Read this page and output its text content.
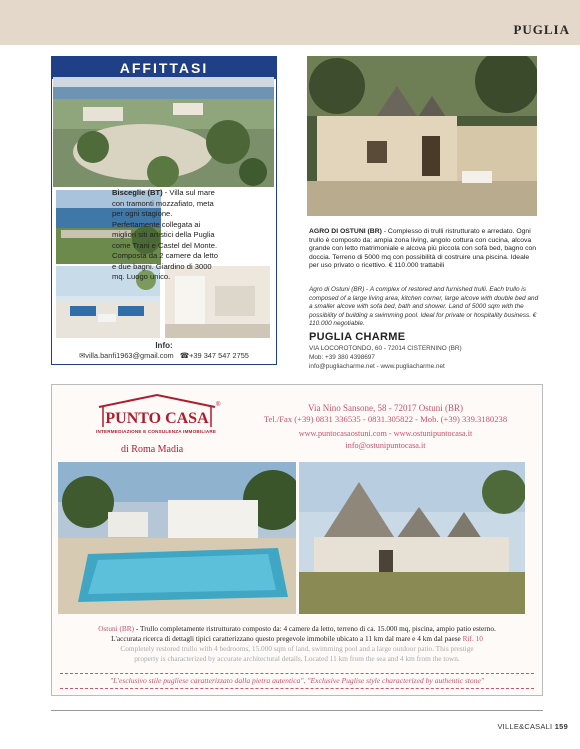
PUGLIA
AFFITTASI
Bisceglie (BT) - Villa sul mare con tramonti mozzafiato, meta per ogni stagione. Perfettamente collegata ai migliori siti artistici della Puglia come Trani e Castel del Monte. Composta da 2 camere da letto e due bagni. Giardino di 3000 mq. Luogo unico.
Info:
✉villa.banfi1963@gmail.com ☎+39 347 547 2755
AGRO DI OSTUNI (BR) - Complesso di trulli ristrutturato e arredato. Ogni trullo è composto da: ampia zona living, angolo cottura con cucina, alcova grande con letto matrimoniale e alcova più piccola con sofà bed, bagno con doccia. Terreno di 5000 mq con possibilità di costruire una piscina. Ideale per uso privato o ricettivo. € 110.000 trattabili
Agro di Ostuni (BR) - A complex of restored and furnished trulli. Each trullo is composed of a large living area, kitchen corner, large alcove with double bed and a smaller alcove with sofa bed, bath and shower. Land of 5000 sqm with the possibility of building a swimming pool. Ideal for private or hospitality business. € 110.000 negotiable.
PUGLIA CHARME
VIA LOCOROTONDO, 60 - 72014 CISTERNINO (BR)
Mob: +39 380 4398697
info@pugliacharme.net - www.pugliacharme.net
PUNTO CASA
INTERMEDIAZIONE E CONSULENZA IMMOBILIARE
®
di Roma Madia
Via Nino Sansone, 58 - 72017 Ostuni (BR)
Tel./Fax (+39) 0831 336535 - 0831.305822 - Mob. (+39) 339.3180238
www.puntocasaostuni.com - www.ostunipuntocasa.it
info@ostunipuntocasa.it
Ostuni (BR) - Trullo completamente ristrutturato composto da: 4 camere da letto, terreno di ca. 15.000 mq, piscina, ampio patio esterno.
L'accurata ricerca di dettagli tipici caratterizzano questo pregevole immobile ubicato a 11 km dal mare e 4 km dal paese Rif. 10
Completely restored trullo with 4 bedrooms, 15.000 sqm of land, swimming pool and a large outdoor patio. This prestige
property is characterized by accurate architectural details. Located 11 km from the sea and 4 km from the town.
"L'esclusivo stile pugliese caratterizzato dalla pietra autentica", "Exclusive Puglise style characterized by authentic stone"
VILLE&CASALI 159
